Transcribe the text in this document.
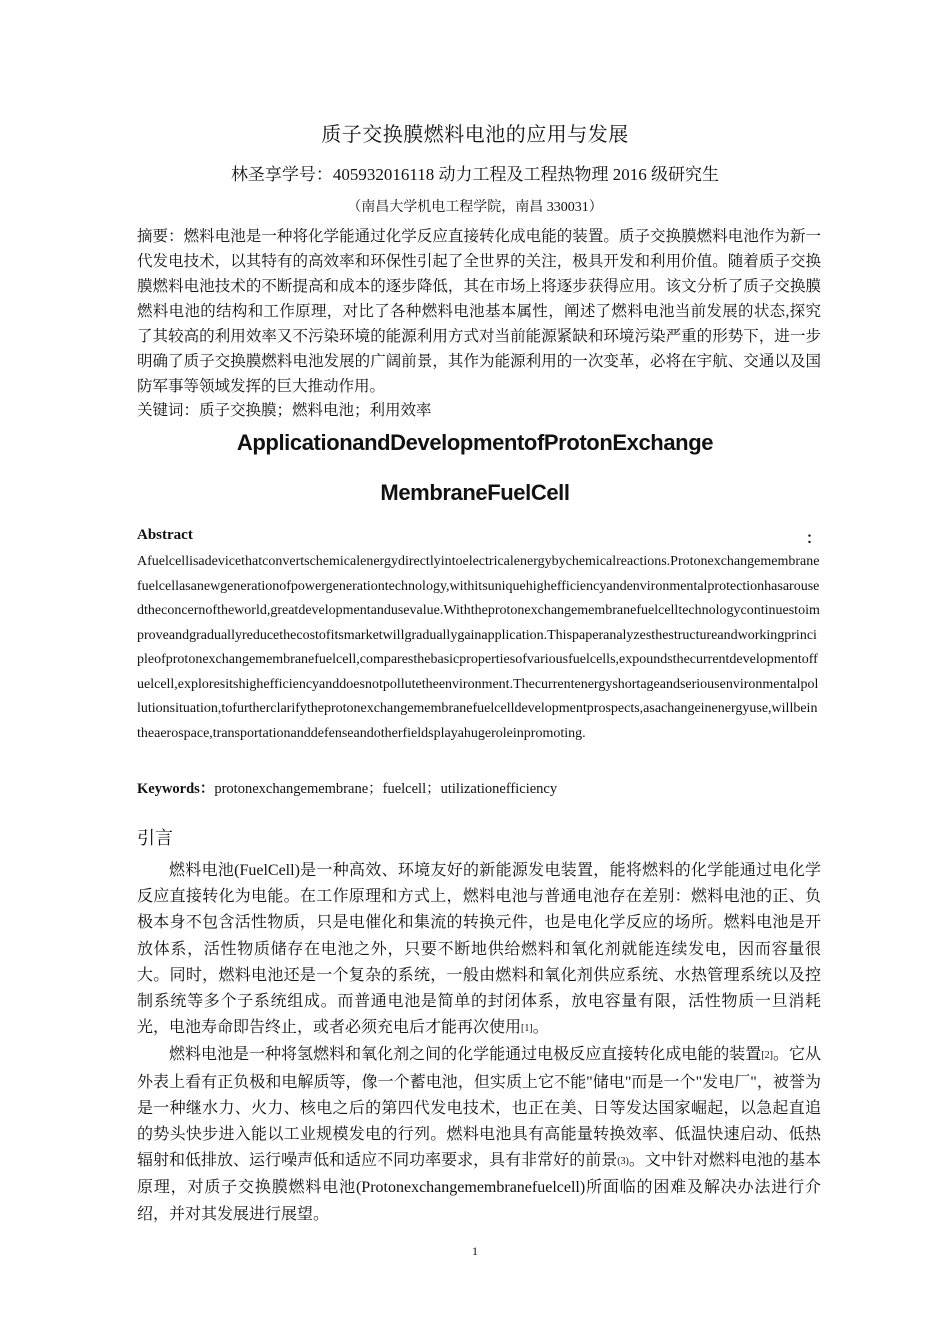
质子交换膜燃料电池的应用与发展
林圣享学号：405932016118 动力工程及工程热物理 2016 级研究生
（南昌大学机电工程学院，南昌 330031）
摘要：燃料电池是一种将化学能通过化学反应直接转化成电能的装置。质子交换膜燃料电池作为新一代发电技术，以其特有的高效率和环保性引起了全世界的关注，极具开发和利用价值。随着质子交换膜燃料电池技术的不断提高和成本的逐步降低，其在市场上将逐步获得应用。该文分析了质子交换膜燃料电池的结构和工作原理，对比了各种燃料电池基本属性，阐述了燃料电池当前发展的状态,探究了其较高的利用效率又不污染环境的能源利用方式对当前能源紧缺和环境污染严重的形势下，进一步明确了质子交换膜燃料电池发展的广阔前景，其作为能源利用的一次变革，必将在宇航、交通以及国防军事等领域发挥的巨大推动作用。
关键词：质子交换膜；燃料电池；利用效率
ApplicationandDevelopmentofProtonExchange
MembraneFuelCell
Abstract	：
Afuelcellisadevicethatconvertschemicalenergydirectlyintoelectricalenergybychemicalreactions.Protonexchangemembranefuelcellasanewgenerationofpowergenerationtechnology,withitsuniquehighefficiencyandenvironmentalprotectionhasarousedtheconcernoftheworld,greatdevelopmentandusevalue.Withtheprotonexchangemembranefuelcelltechnologycontinuestoimproveandgraduallyreducethecostofitsmarketwillgraduallygainapplication.Thispaperanalyzesthestructureandworkingprincipleofprotonexchangemembranefuelcell,comparesthebasicpropertiesofvariousfuelcells,expoundsthecurrentdevelopmentoffuelcell,exploresitshighefficiencyanddoesnotpollutetheenvironment.Thecurrentenergyshortageandseriousenvironmentalpollutionsituation,tofurtherclarifytheprotonexchangemembranefuelcelldevelopmentprospects,asachangeinenergyuse,willbeintheaerospace,transportationanddefenseandotherfieldsplayahugeroleinpromoting.
Keywords：protonexchangemembrane；fuelcell；utilizationefficiency
引言

燃料电池(FuelCell)是一种高效、环境友好的新能源发电装置，能将燃料的化学能通过电化学反应直接转化为电能。在工作原理和方式上，燃料电池与普通电池存在差别：燃料电池的正、负极本身不包含活性物质，只是电催化和集流的转换元件，也是电化学反应的场所。燃料电池是开放体系，活性物质储存在电池之外，只要不断地供给燃料和氧化剂就能连续发电，因而容量很大。同时，燃料电池还是一个复杂的系统，一般由燃料和氧化剂供应系统、水热管理系统以及控制系统等多个子系统组成。而普通电池是简单的封闭体系，放电容量有限，活性物质一旦消耗光，电池寿命即告终止，或者必须充电后才能再次使用[1]。

燃料电池是一种将氢燃料和氧化剂之间的化学能通过电极反应直接转化成电能的装置[2]。它从外表上看有正负极和电解质等，像一个蓄电池，但实质上它不能"储电"而是一个"发电厂"，被誉为是一种继水力、火力、核电之后的第四代发电技术，也正在美、日等发达国家崛起，以急起直追的势头快步进入能以工业规模发电的行列。燃料电池具有高能量转换效率、低温快速启动、低热辐射和低排放、运行噪声低和适应不同功率要求，具有非常好的前景(3)。文中针对燃料电池的基本原理，对质子交换膜燃料电池(Protonexchangemembranefuelcell)所面临的困难及解决办法进行介绍，并对其发展进行展望。

1
